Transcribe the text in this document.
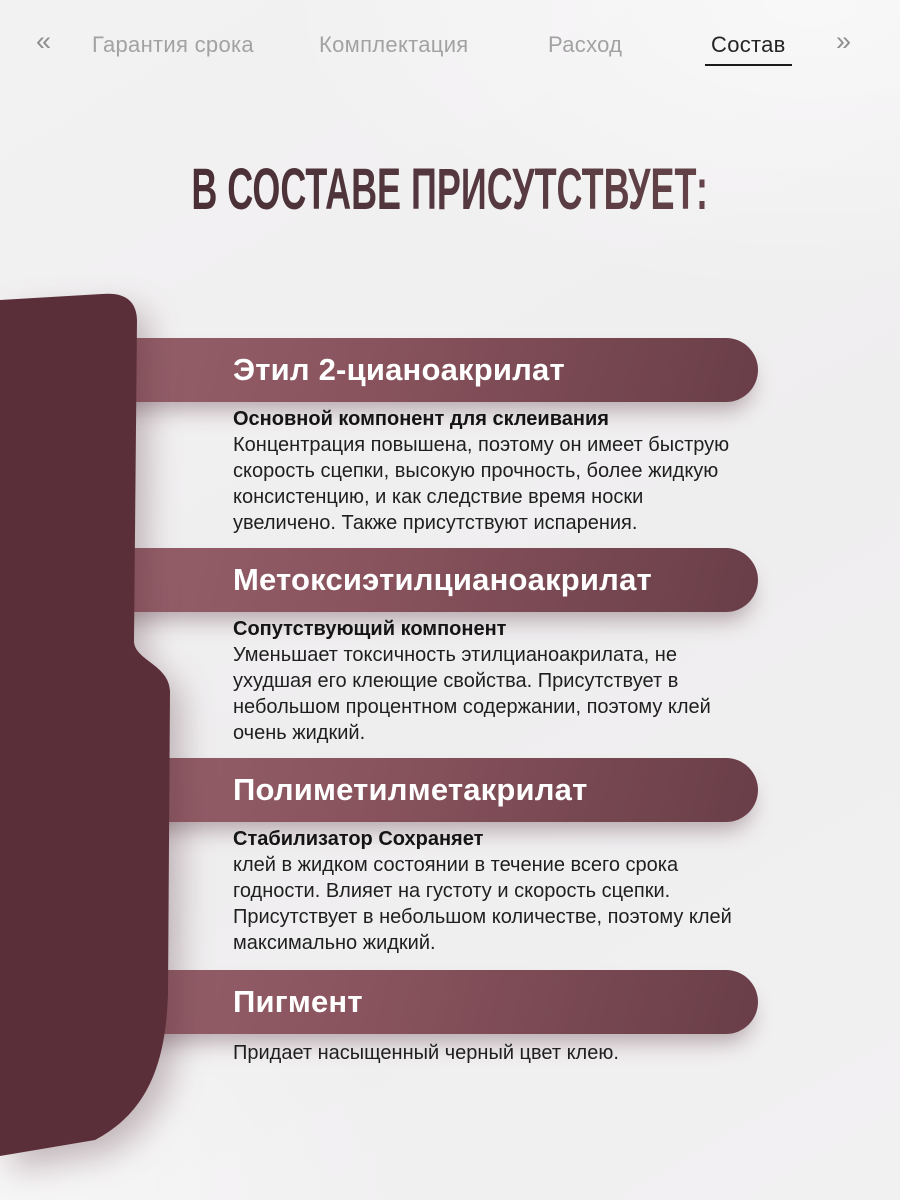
« Гарантия срока	Комплектация	Расход	Состав »
В СОСТАВЕ ПРИСУТСТВУЕТ:
Этил 2-цианоакрилат
Основной компонент для склеивания
Концентрация повышена, поэтому он имеет быструю
скорость сцепки, высокую прочность, более жидкую
консистенцию, и как следствие время носки
увеличено. Также присутствуют испарения.
Метоксиэтилцианоакрилат
Сопутствующий компонент
Уменьшает токсичность этилцианоакрилата, не
ухудшая его клеющие свойства. Присутствует в
небольшом процентном содержании, поэтому клей
очень жидкий.
Полиметилметакрилат
Стабилизатор Сохраняет
клей в жидком состоянии в течение всего срока
годности. Влияет на густоту и скорость сцепки.
Присутствует в небольшом количестве, поэтому клей
максимально жидкий.
Пигмент
Придает насыщенный черный цвет клею.
